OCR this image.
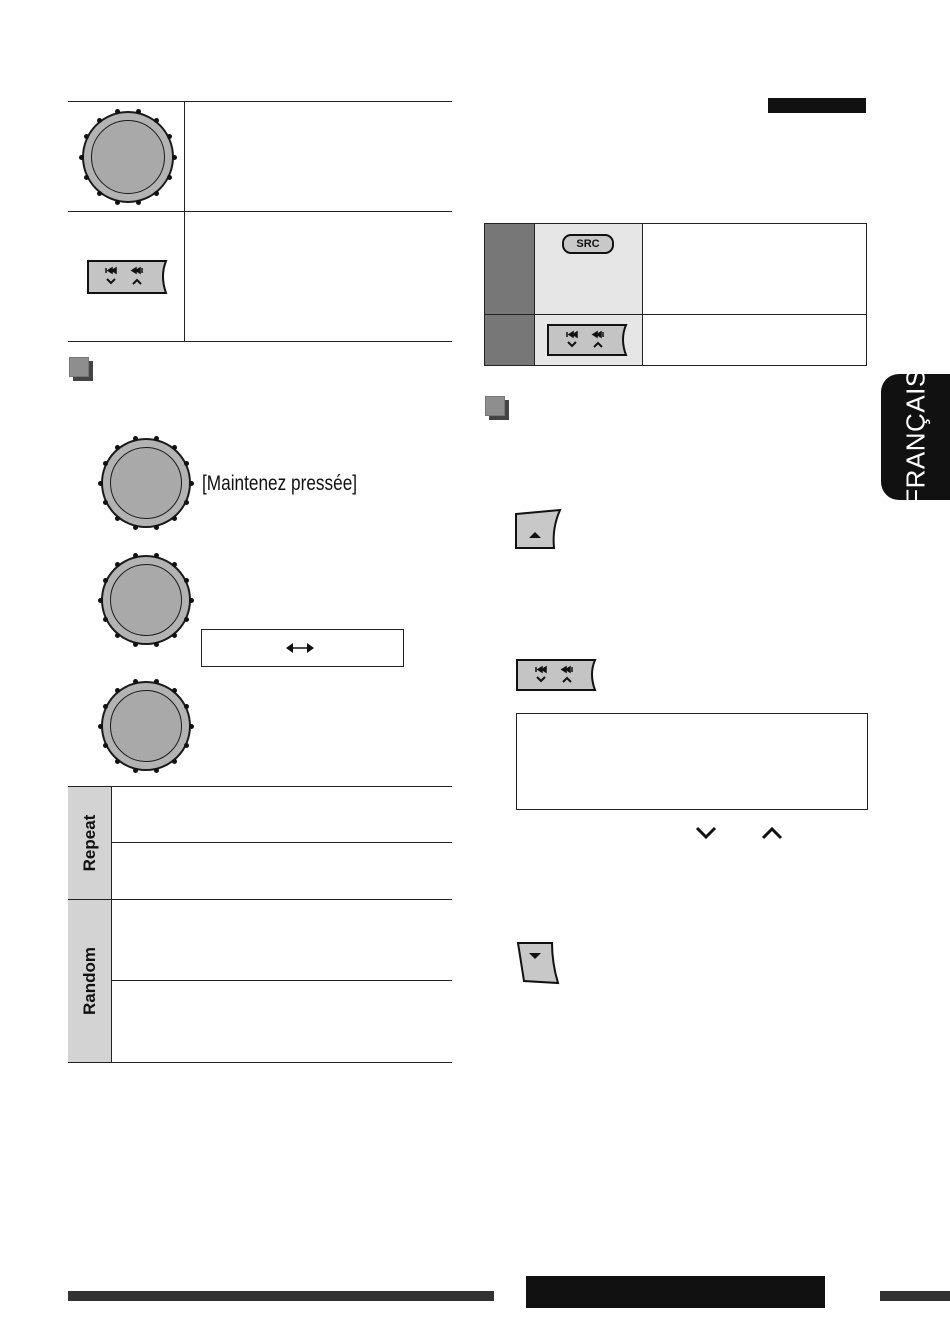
[Maintenez pressée]
Repeat
Random
SRC
FRANÇAIS
